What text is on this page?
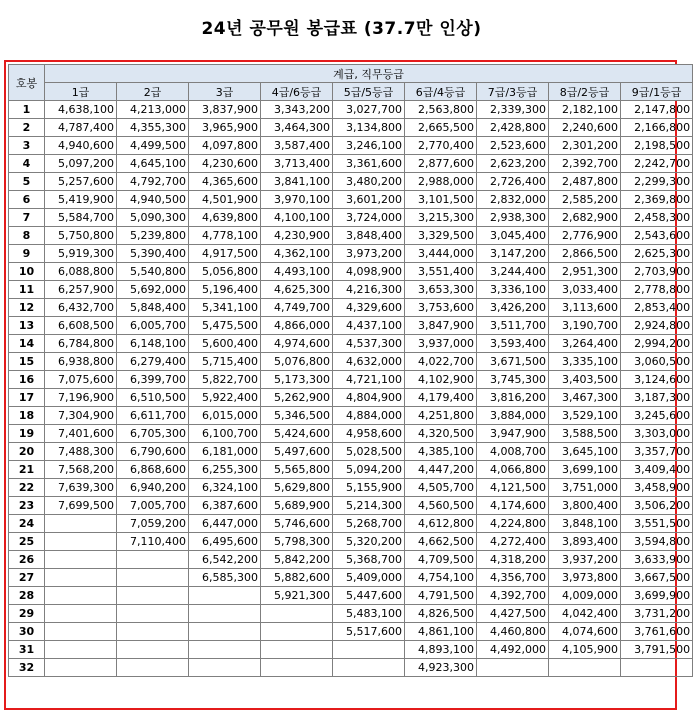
24년 공무원 봉급표 (37.7만 인상)
호봉	계급, 직무등급								
	1급	2급	3급	4급/6등급	5급/5등급	6급/4등급	7급/3등급	8급/2등급	9급/1등급
1	4,638,100	4,213,000	3,837,900	3,343,200	3,027,700	2,563,800	2,339,300	2,182,100	2,147,800
2	4,787,400	4,355,300	3,965,900	3,464,300	3,134,800	2,665,500	2,428,800	2,240,600	2,166,800
3	4,940,600	4,499,500	4,097,800	3,587,400	3,246,100	2,770,400	2,523,600	2,301,200	2,198,500
4	5,097,200	4,645,100	4,230,600	3,713,400	3,361,600	2,877,600	2,623,200	2,392,700	2,242,700
5	5,257,600	4,792,700	4,365,600	3,841,100	3,480,200	2,988,000	2,726,400	2,487,800	2,299,300
6	5,419,900	4,940,500	4,501,900	3,970,100	3,601,200	3,101,500	2,832,000	2,585,200	2,369,800
7	5,584,700	5,090,300	4,639,800	4,100,100	3,724,000	3,215,300	2,938,300	2,682,900	2,458,300
8	5,750,800	5,239,800	4,778,100	4,230,900	3,848,400	3,329,500	3,045,400	2,776,900	2,543,600
9	5,919,300	5,390,400	4,917,500	4,362,100	3,973,200	3,444,000	3,147,200	2,866,500	2,625,300
10	6,088,800	5,540,800	5,056,800	4,493,100	4,098,900	3,551,400	3,244,400	2,951,300	2,703,900
11	6,257,900	5,692,000	5,196,400	4,625,300	4,216,300	3,653,300	3,336,100	3,033,400	2,778,800
12	6,432,700	5,848,400	5,341,100	4,749,700	4,329,600	3,753,600	3,426,200	3,113,600	2,853,400
13	6,608,500	6,005,700	5,475,500	4,866,000	4,437,100	3,847,900	3,511,700	3,190,700	2,924,800
14	6,784,800	6,148,100	5,600,400	4,974,600	4,537,300	3,937,000	3,593,400	3,264,400	2,994,200
15	6,938,800	6,279,400	5,715,400	5,076,800	4,632,000	4,022,700	3,671,500	3,335,100	3,060,500
16	7,075,600	6,399,700	5,822,700	5,173,300	4,721,100	4,102,900	3,745,300	3,403,500	3,124,600
17	7,196,900	6,510,500	5,922,400	5,262,900	4,804,900	4,179,400	3,816,200	3,467,300	3,187,300
18	7,304,900	6,611,700	6,015,000	5,346,500	4,884,000	4,251,800	3,884,000	3,529,100	3,245,600
19	7,401,600	6,705,300	6,100,700	5,424,600	4,958,600	4,320,500	3,947,900	3,588,500	3,303,000
20	7,488,300	6,790,600	6,181,000	5,497,600	5,028,500	4,385,100	4,008,700	3,645,100	3,357,700
21	7,568,200	6,868,600	6,255,300	5,565,800	5,094,200	4,447,200	4,066,800	3,699,100	3,409,400
22	7,639,300	6,940,200	6,324,100	5,629,800	5,155,900	4,505,700	4,121,500	3,751,000	3,458,900
23	7,699,500	7,005,700	6,387,600	5,689,900	5,214,300	4,560,500	4,174,600	3,800,400	3,506,200
24		7,059,200	6,447,000	5,746,600	5,268,700	4,612,800	4,224,800	3,848,100	3,551,500
25		7,110,400	6,495,600	5,798,300	5,320,200	4,662,500	4,272,400	3,893,400	3,594,800
26			6,542,200	5,842,200	5,368,700	4,709,500	4,318,200	3,937,200	3,633,900
27			6,585,300	5,882,600	5,409,000	4,754,100	4,356,700	3,973,800	3,667,500
28				5,921,300	5,447,600	4,791,500	4,392,700	4,009,000	3,699,900
29					5,483,100	4,826,500	4,427,500	4,042,400	3,731,200
30					5,517,600	4,861,100	4,460,800	4,074,600	3,761,600
31						4,893,100	4,492,000	4,105,900	3,791,500
32						4,923,300			
